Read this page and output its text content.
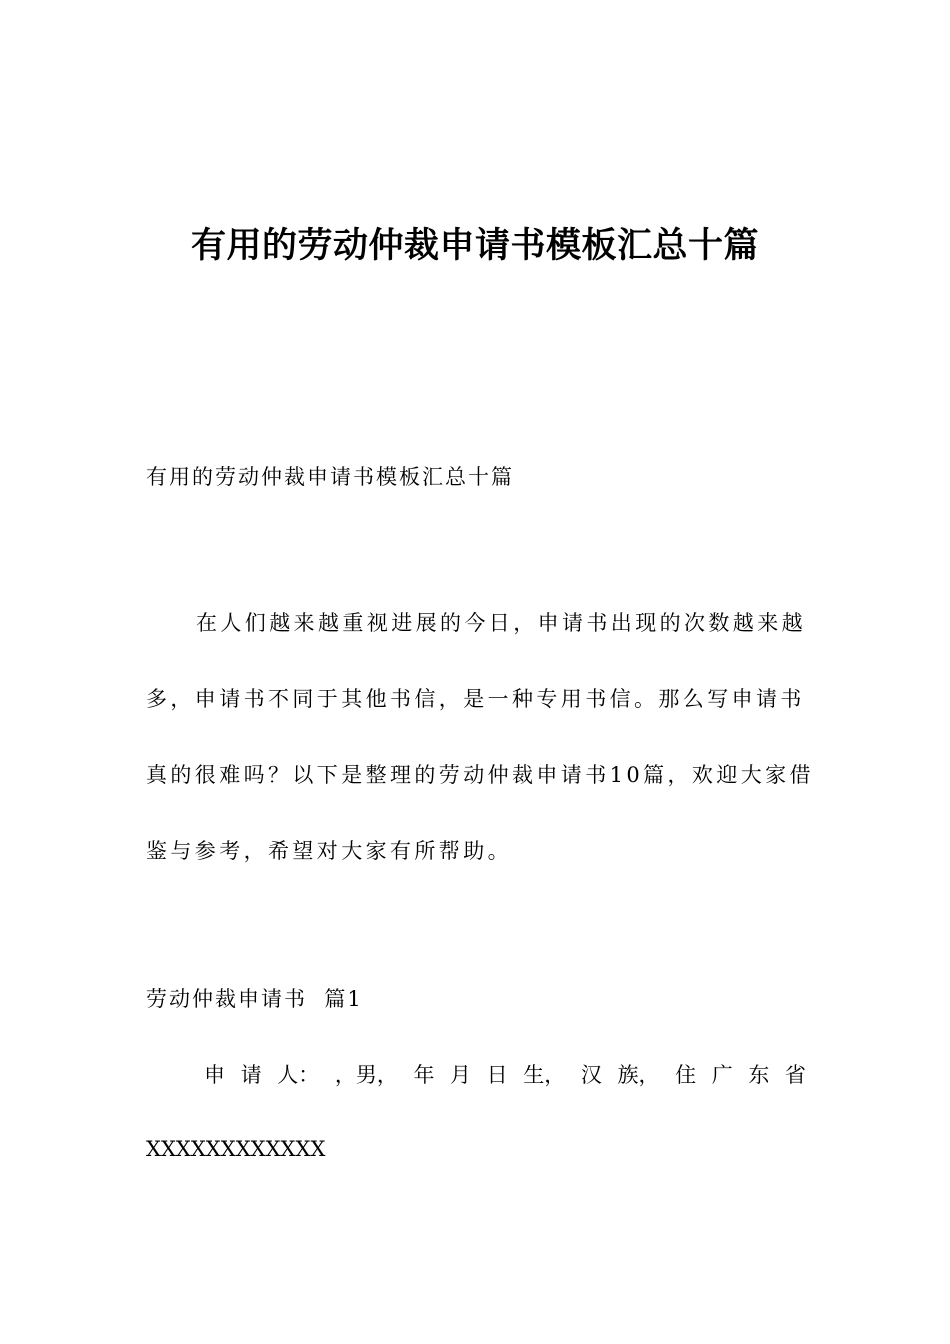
有用的劳动仲裁申请书模板汇总十篇
有用的劳动仲裁申请书模板汇总十篇
在人们越来越重视进展的今日，申请书出现的次数越来越
多，申请书不同于其他书信，是一种专用书信。那么写申请书
真的很难吗？以下是整理的劳动仲裁申请书10篇，欢迎大家借
鉴与参考，希望对大家有所帮助。
劳动仲裁申请书  篇1
申 请 人： ，男， 年 月 日 生， 汉 族， 住 广 东 省
XXXXXXXXXXXX
